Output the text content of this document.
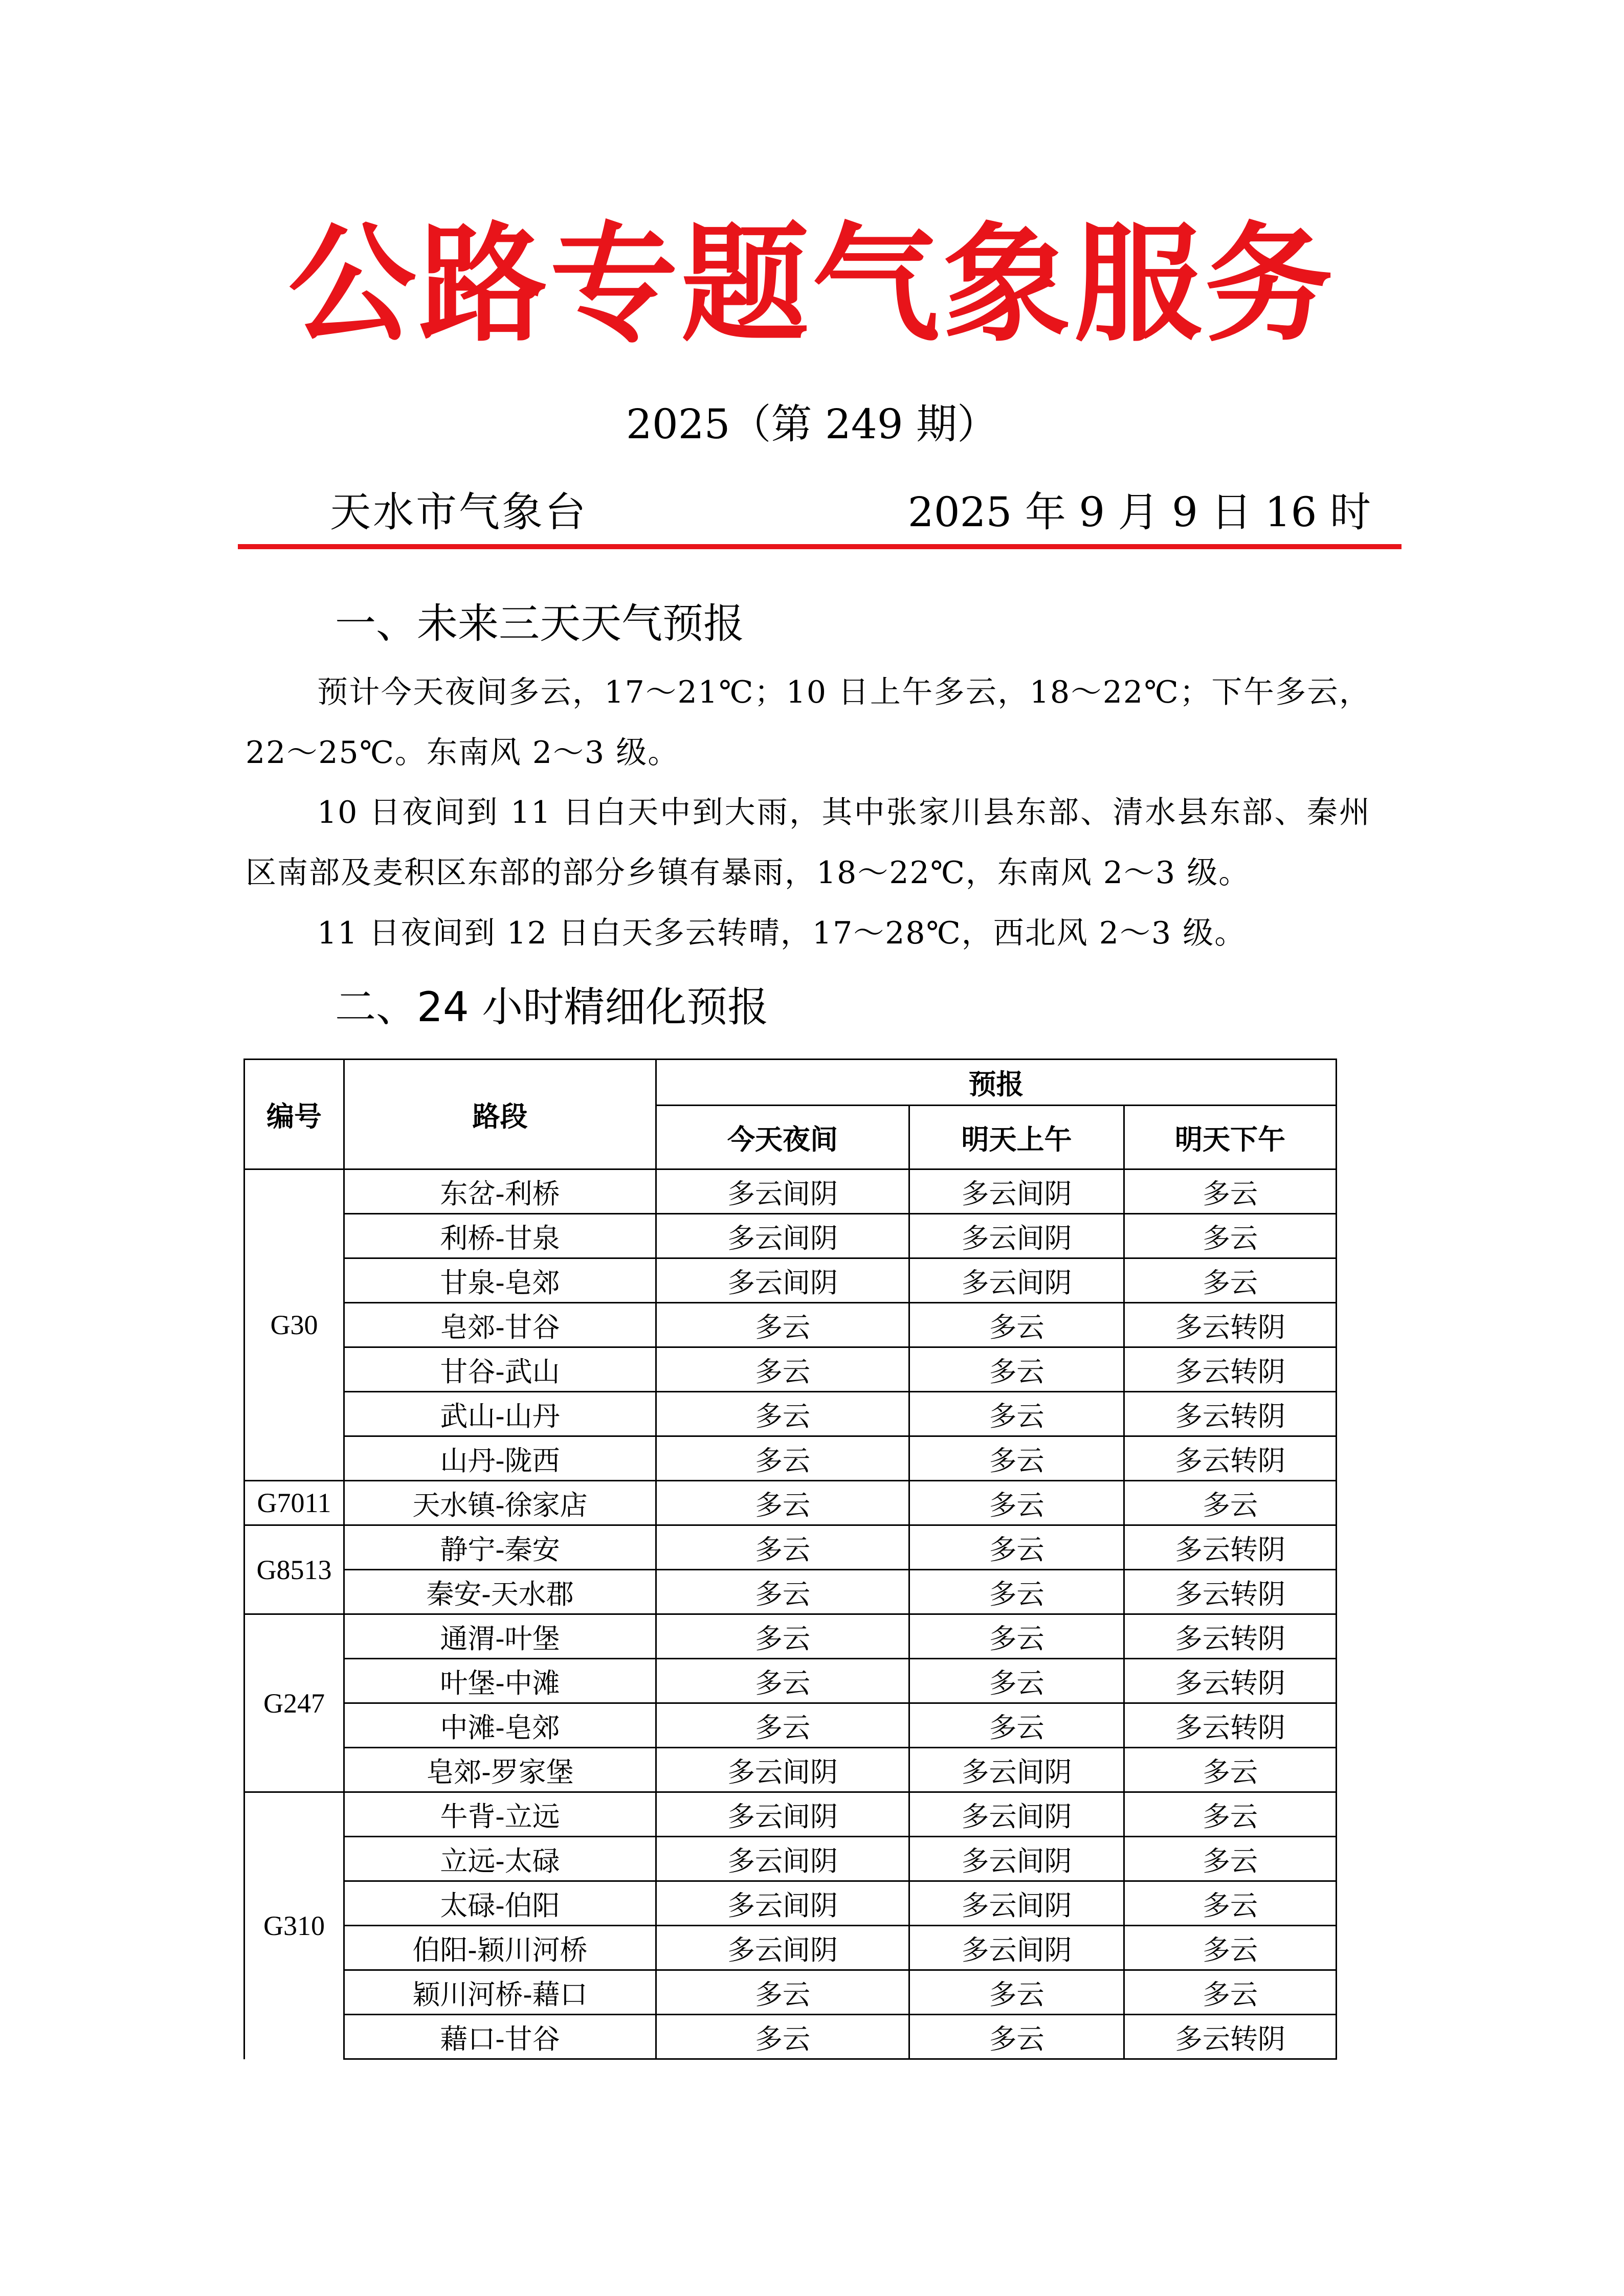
公路专题气象服务
2025（第 249 期）
天水市气象台	2025 年 9 月 9 日 16 时
一、未来三天天气预报
预计今天夜间多云，17～21℃；10 日上午多云，18～22℃；下午多云，22～25℃。东南风 2～3 级。
10 日夜间到 11 日白天中到大雨，其中张家川县东部、清水县东部、秦州区南部及麦积区东部的部分乡镇有暴雨，18～22℃，东南风 2～3 级。
11 日夜间到 12 日白天多云转晴，17～28℃，西北风 2～3 级。
二、24 小时精细化预报
编号	路段	预报		
		今天夜间	明天上午	明天下午
G30	东岔-利桥	多云间阴	多云间阴	多云
	利桥-甘泉	多云间阴	多云间阴	多云
	甘泉-皂郊	多云间阴	多云间阴	多云
	皂郊-甘谷	多云	多云	多云转阴
	甘谷-武山	多云	多云	多云转阴
	武山-山丹	多云	多云	多云转阴
	山丹-陇西	多云	多云	多云转阴
G7011	天水镇-徐家店	多云	多云	多云
G8513	静宁-秦安	多云	多云	多云转阴
	秦安-天水郡	多云	多云	多云转阴
G247	通渭-叶堡	多云	多云	多云转阴
	叶堡-中滩	多云	多云	多云转阴
	中滩-皂郊	多云	多云	多云转阴
	皂郊-罗家堡	多云间阴	多云间阴	多云
G310	牛背-立远	多云间阴	多云间阴	多云
	立远-太碌	多云间阴	多云间阴	多云
	太碌-伯阳	多云间阴	多云间阴	多云
	伯阳-颖川河桥	多云间阴	多云间阴	多云
	颖川河桥-藉口	多云	多云	多云
	藉口-甘谷	多云	多云	多云转阴
